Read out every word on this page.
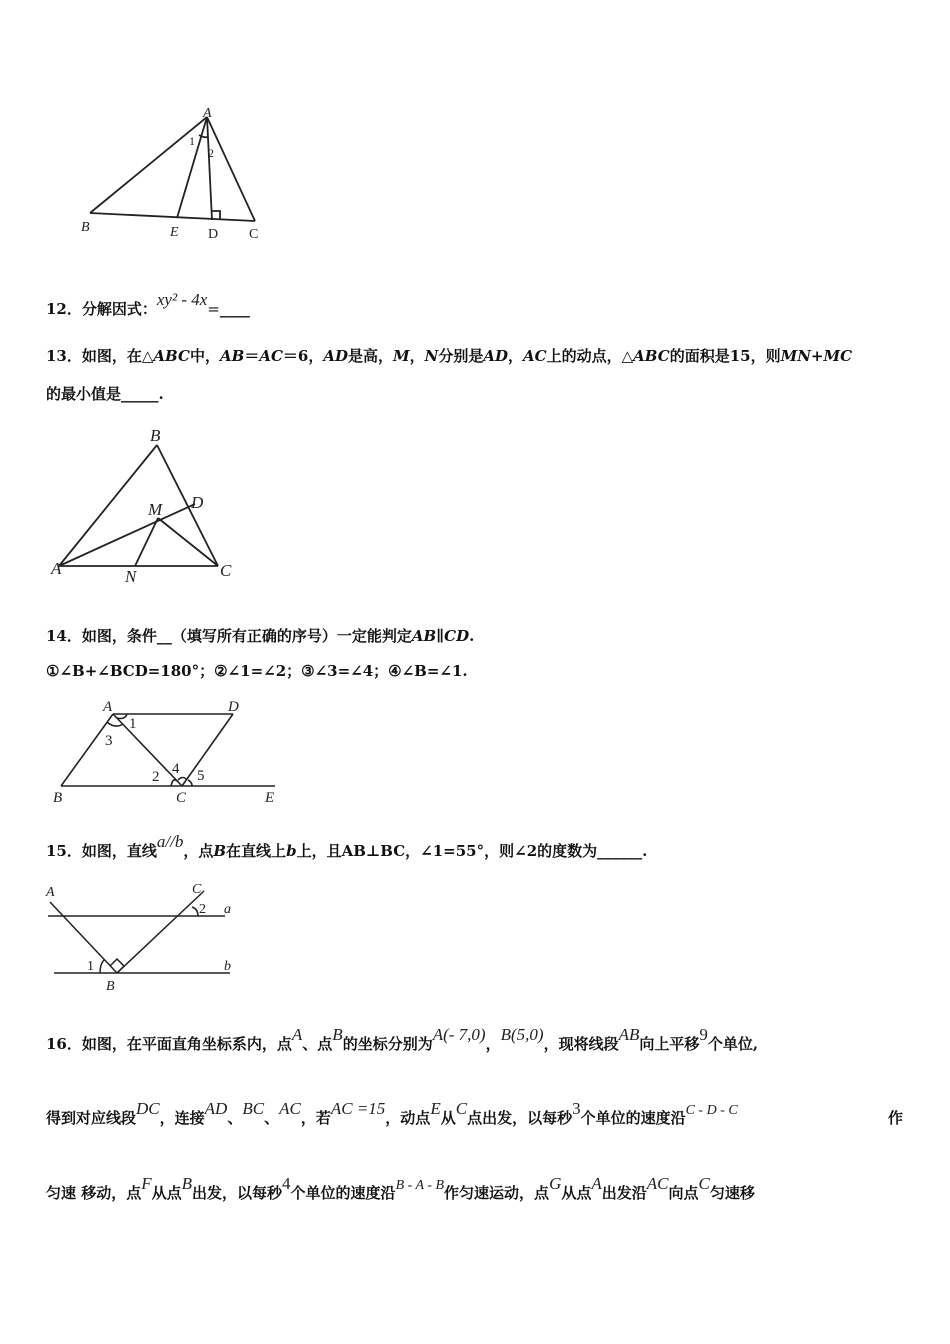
A
B	E D C
1
2
12．分解因式：xy² - 4x=____
13．如图，在△ABC中，AB＝AC＝6，AD是高，M，N分别是AD，AC上的动点，△ABC的面积是15，则MN+MC
的最小值是_____.
B
D
M
A	N	C
14．如图，条件__（填写所有正确的序号）一定能判定AB∥CD.
①∠B+∠BCD=180°；②∠1=∠2；③∠3=∠4；④∠B=∠1.
A	D
B	C	E
1
3
2 4 5
15．如图，直线a//b，点B在直线上b上，且AB⊥BC，∠1=55°，则∠2的度数为______.
A	C
a
b
B
1
2
16．如图，在平面直角坐标系内，点A、点B的坐标分别为A(- 7,0)，B(5,0)，现将线段AB向上平移9个单位,
得到对应线段DC，连接AD、BC、AC，若AC =15，动点E从C点出发，以每秒3个单位的速度沿C - D - C	作
匀速 移动，点F从点B出发，以每秒4个单位的速度沿B - A - B作匀速运动，点G从点A出发沿AC向点C匀速移
